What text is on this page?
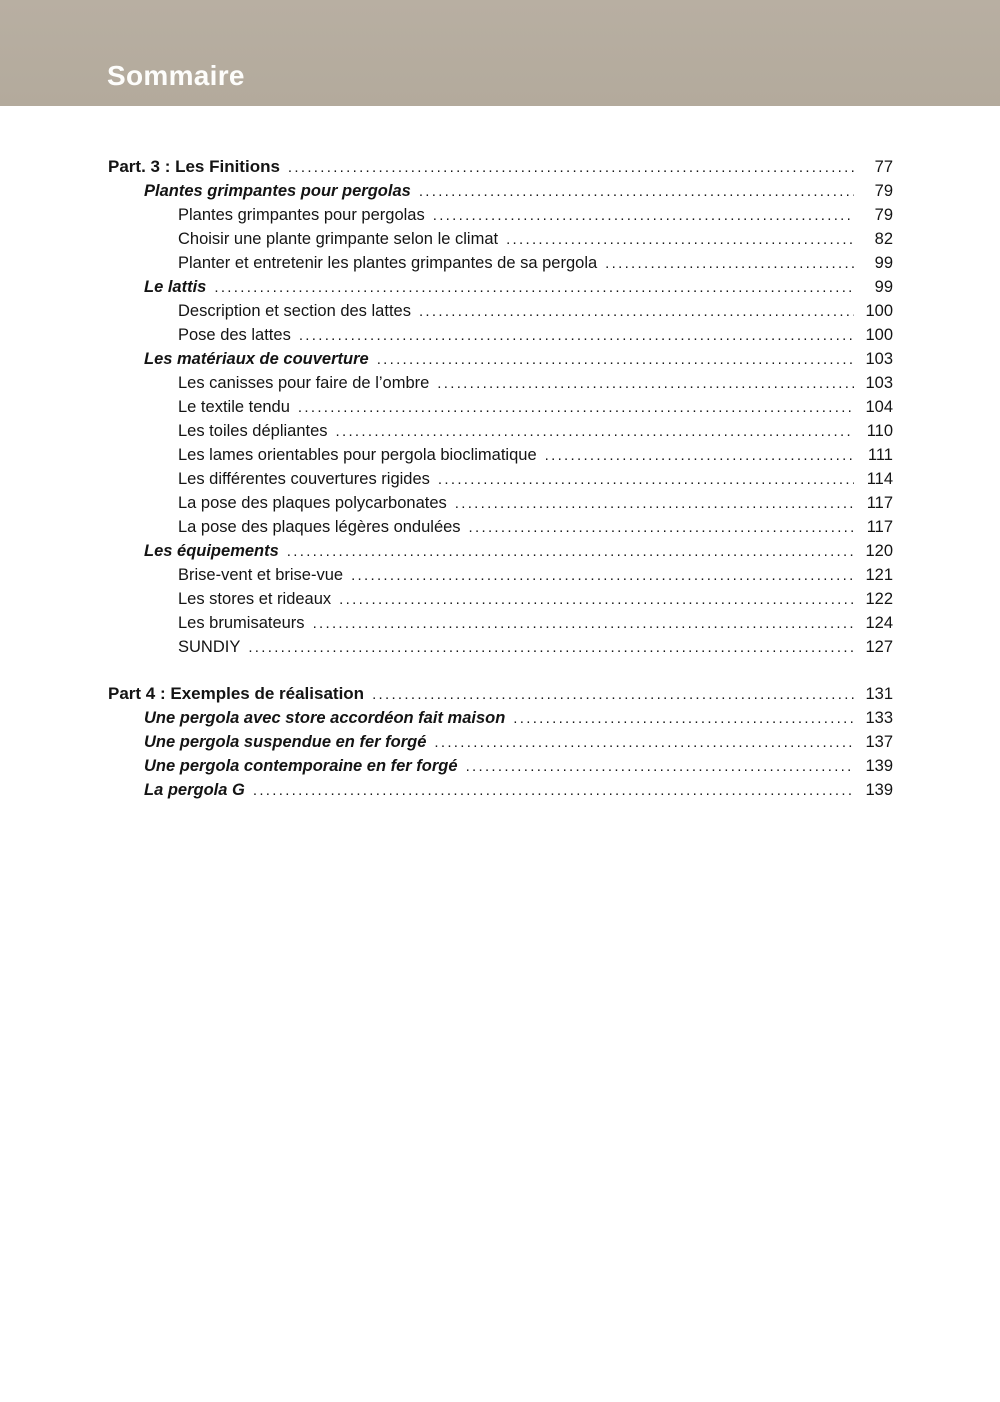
Sommaire
Part. 3 : Les Finitions .....	77
Plantes grimpantes pour pergolas .....	79
Plantes grimpantes pour pergolas .....	79
Choisir une plante grimpante selon le climat .....	82
Planter et entretenir les plantes grimpantes de sa pergola .....	99
Le lattis .....	99
Description et section des lattes .....	100
Pose des lattes .....	100
Les matériaux de couverture .....	103
Les canisses pour faire de l’ombre .....	103
Le textile tendu .....	104
Les toiles dépliantes .....	110
Les lames orientables pour pergola bioclimatique .....	111
Les différentes couvertures rigides .....	114
La pose des plaques polycarbonates .....	117
La pose des plaques légères ondulées .....	117
Les équipements .....	120
Brise-vent et brise-vue .....	121
Les stores et rideaux .....	122
Les brumisateurs .....	124
SUNDIY .....	127
Part 4 : Exemples de réalisation .....	131
Une pergola avec store accordéon fait maison .....	133
Une pergola suspendue en fer forgé .....	137
Une pergola contemporaine en fer forgé .....	139
La pergola G .....	139
